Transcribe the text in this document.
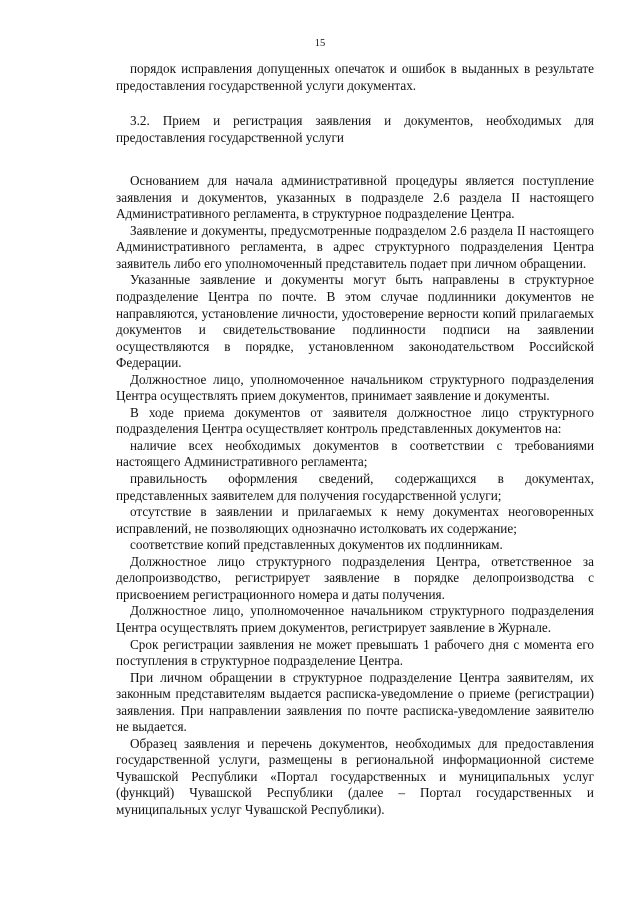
15

порядок исправления допущенных опечаток и ошибок в выданных в результате предоставления государственной услуги документах.

3.2. Прием и регистрация заявления и документов, необходимых для предоставления государственной услуги

Основанием для начала административной процедуры является поступление заявления и документов, указанных в подразделе 2.6 раздела II настоящего Административного регламента, в структурное подразделение Центра.

Заявление и документы, предусмотренные подразделом 2.6 раздела II настоящего Административного регламента, в адрес структурного подразделения Центра заявитель либо его уполномоченный представитель подает при личном обращении.

Указанные заявление и документы могут быть направлены в структурное подразделение Центра по почте. В этом случае подлинники документов не направляются, установление личности, удостоверение верности копий прилагаемых документов и свидетельствование подлинности подписи на заявлении осуществляются в порядке, установленном законодательством Российской Федерации.

Должностное лицо, уполномоченное начальником структурного подразделения Центра осуществлять прием документов, принимает заявление и документы.

В ходе приема документов от заявителя должностное лицо структурного подразделения Центра осуществляет контроль представленных документов на:

наличие всех необходимых документов в соответствии с требованиями настоящего Административного регламента;

правильность оформления сведений, содержащихся в документах, представленных заявителем для получения государственной услуги;

отсутствие в заявлении и прилагаемых к нему документах неоговоренных исправлений, не позволяющих однозначно истолковать их содержание;

соответствие копий представленных документов их подлинникам.

Должностное лицо структурного подразделения Центра, ответственное за делопроизводство, регистрирует заявление в порядке делопроизводства с присвоением регистрационного номера и даты получения.

Должностное лицо, уполномоченное начальником структурного подразделения Центра осуществлять прием документов, регистрирует заявление в Журнале.

Срок регистрации заявления не может превышать 1 рабочего дня с момента его поступления в структурное подразделение Центра.

При личном обращении в структурное подразделение Центра заявителям, их законным представителям выдается расписка-уведомление о приеме (регистрации) заявления. При направлении заявления по почте расписка-уведомление заявителю не выдается.

Образец заявления и перечень документов, необходимых для предоставления государственной услуги, размещены в региональной информационной системе Чувашской Республики «Портал государственных и муниципальных услуг (функций) Чувашской Республики (далее – Портал государственных и муниципальных услуг Чувашской Республики).
